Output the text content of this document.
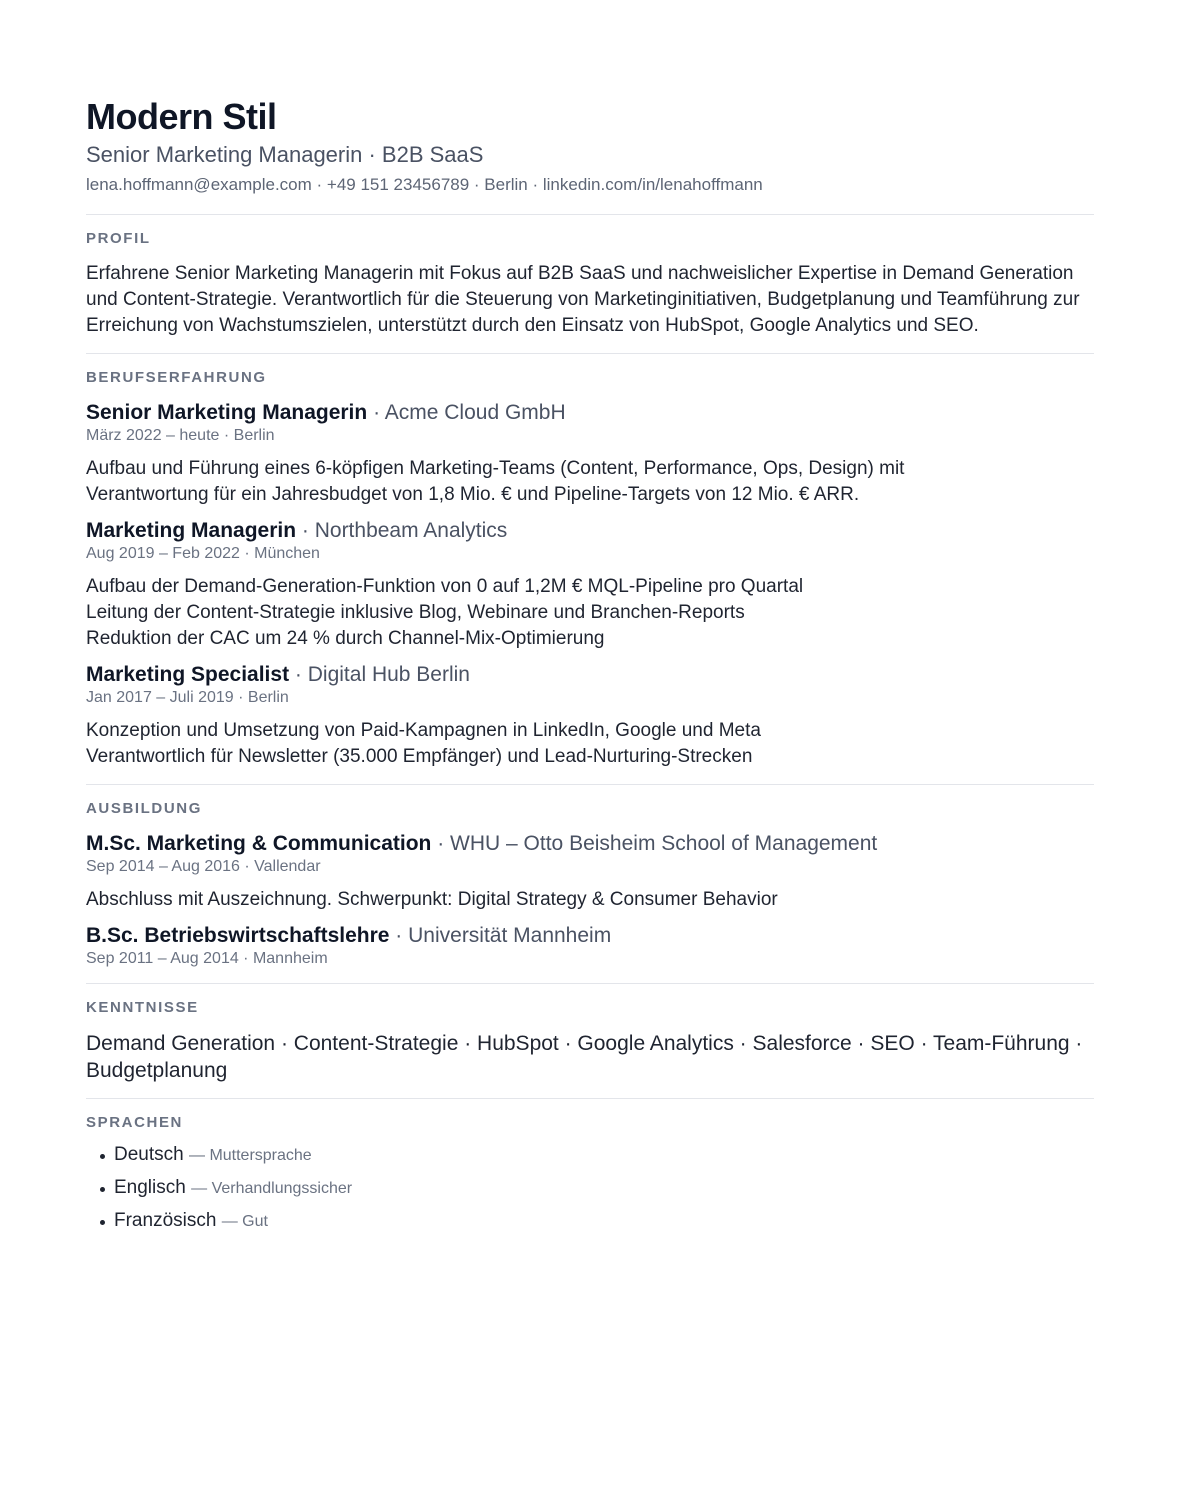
Modern Stil
Senior Marketing Managerin · B2B SaaS
lena.hoffmann@example.com · +49 151 23456789 · Berlin · linkedin.com/in/lenahoffmann
PROFIL
Erfahrene Senior Marketing Managerin mit Fokus auf B2B SaaS und nachweislicher Expertise in Demand Generation und Content-Strategie. Verantwortlich für die Steuerung von Marketinginitiativen, Budgetplanung und Teamführung zur Erreichung von Wachstumszielen, unterstützt durch den Einsatz von HubSpot, Google Analytics und SEO.
BERUFSERFAHRUNG
Senior Marketing Managerin · Acme Cloud GmbH
März 2022 – heute · Berlin
Aufbau und Führung eines 6-köpfigen Marketing-Teams (Content, Performance, Ops, Design) mit
Verantwortung für ein Jahresbudget von 1,8 Mio. € und Pipeline-Targets von 12 Mio. € ARR.
Marketing Managerin · Northbeam Analytics
Aug 2019 – Feb 2022 · München
Aufbau der Demand-Generation-Funktion von 0 auf 1,2M € MQL-Pipeline pro Quartal
Leitung der Content-Strategie inklusive Blog, Webinare und Branchen-Reports
Reduktion der CAC um 24 % durch Channel-Mix-Optimierung
Marketing Specialist · Digital Hub Berlin
Jan 2017 – Juli 2019 · Berlin
Konzeption und Umsetzung von Paid-Kampagnen in LinkedIn, Google und Meta
Verantwortlich für Newsletter (35.000 Empfänger) und Lead-Nurturing-Strecken
AUSBILDUNG
M.Sc. Marketing & Communication · WHU – Otto Beisheim School of Management
Sep 2014 – Aug 2016 · Vallendar
Abschluss mit Auszeichnung. Schwerpunkt: Digital Strategy & Consumer Behavior
B.Sc. Betriebswirtschaftslehre · Universität Mannheim
Sep 2011 – Aug 2014 · Mannheim
KENNTNISSE
Demand Generation · Content-Strategie · HubSpot · Google Analytics · Salesforce · SEO · Team-Führung · Budgetplanung
SPRACHEN
Deutsch — Muttersprache
Englisch — Verhandlungssicher
Französisch — Gut
